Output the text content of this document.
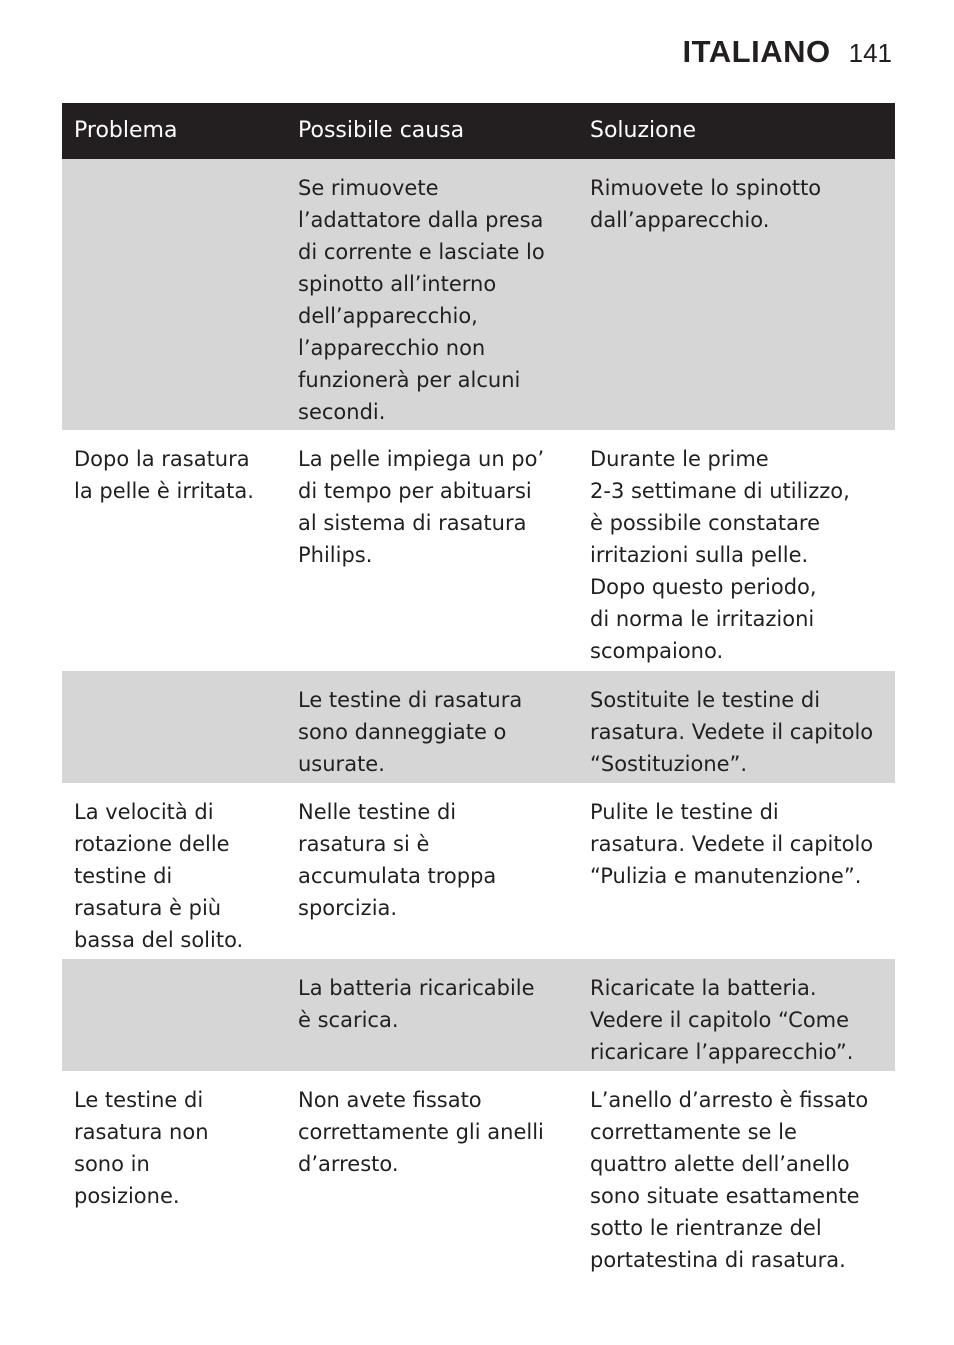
ITALIANO 141
Problema	Possibile causa	Soluzione
Se rimuovete
l’adattatore dalla presa
di corrente e lasciate lo
spinotto all’interno
dell’apparecchio,
l’apparecchio non
funzionerà per alcuni
secondi.
Rimuovete lo spinotto
dall’apparecchio.
Dopo la rasatura
la pelle è irritata.
La pelle impiega un po’
di tempo per abituarsi
al sistema di rasatura
Philips.
Durante le prime
2-3 settimane di utilizzo,
è possibile constatare
irritazioni sulla pelle.
Dopo questo periodo,
di norma le irritazioni
scompaiono.
Le testine di rasatura
sono danneggiate o
usurate.
Sostituite le testine di
rasatura. Vedete il capitolo
“Sostituzione”.
La velocità di
rotazione delle
testine di
rasatura è più
bassa del solito.
Nelle testine di
rasatura si è
accumulata troppa
sporcizia.
Pulite le testine di
rasatura. Vedete il capitolo
“Pulizia e manutenzione”.
La batteria ricaricabile
è scarica.
Ricaricate la batteria.
Vedere il capitolo “Come
ricaricare l’apparecchio”.
Le testine di
rasatura non
sono in
posizione.
Non avete fissato
correttamente gli anelli
d’arresto.
L’anello d’arresto è fissato
correttamente se le
quattro alette dell’anello
sono situate esattamente
sotto le rientranze del
portatestina di rasatura.
